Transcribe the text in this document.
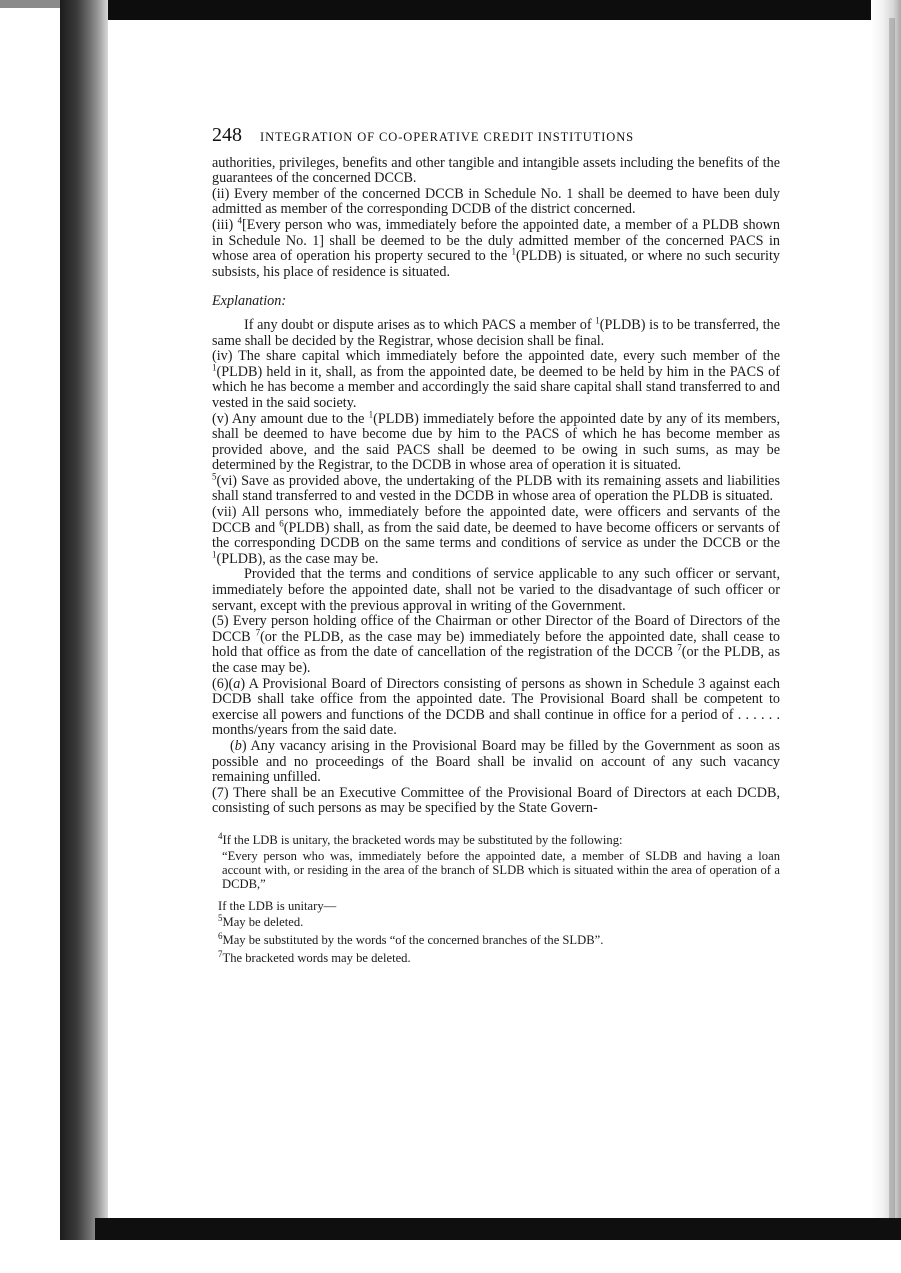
248	INTEGRATION OF CO-OPERATIVE CREDIT INSTITUTIONS

authorities, privileges, benefits and other tangible and intangible assets including the benefits of the guarantees of the concerned DCCB.

(ii) Every member of the concerned DCCB in Schedule No. 1 shall be deemed to have been duly admitted as member of the corresponding DCDB of the district concerned.

(iii) $^4$[Every person who was, immediately before the appointed date, a member of a PLDB shown in Schedule No. 1] shall be deemed to be the duly admitted member of the concerned PACS in whose area of operation his property secured to the $^1$(PLDB) is situated, or where no such security subsists, his place of residence is situated.

Explanation:

If any doubt or dispute arises as to which PACS a member of $^1$(PLDB) is to be transferred, the same shall be decided by the Registrar, whose decision shall be final.

(iv) The share capital which immediately before the appointed date, every such member of the $^1$(PLDB) held in it, shall, as from the appointed date, be deemed to be held by him in the PACS of which he has become a member and accordingly the said share capital shall stand transferred to and vested in the said society.

(v) Any amount due to the $^1$(PLDB) immediately before the appointed date by any of its members, shall be deemed to have become due by him to the PACS of which he has become member as provided above, and the said PACS shall be deemed to be owing in such sums, as may be determined by the Registrar, to the DCDB in whose area of operation it is situated.

$^5$(vi) Save as provided above, the undertaking of the PLDB with its remaining assets and liabilities shall stand transferred to and vested in the DCDB in whose area of operation the PLDB is situated.

(vii) All persons who, immediately before the appointed date, were officers and servants of the DCCB and $^6$(PLDB) shall, as from the said date, be deemed to have become officers or servants of the corresponding DCDB on the same terms and conditions of service as under the DCCB or the $^1$(PLDB), as the case may be.

Provided that the terms and conditions of service applicable to any such officer or servant, immediately before the appointed date, shall not be varied to the disadvantage of such officer or servant, except with the previous approval in writing of the Government.

(5) Every person holding office of the Chairman or other Director of the Board of Directors of the DCCB $^7$(or the PLDB, as the case may be) immediately before the appointed date, shall cease to hold that office as from the date of cancellation of the registration of the DCCB $^7$(or the PLDB, as the case may be).

(6)(a) A Provisional Board of Directors consisting of persons as shown in Schedule 3 against each DCDB shall take office from the appointed date. The Provisional Board shall be competent to exercise all powers and functions of the DCDB and shall continue in office for a period of . . . . . . months/years from the said date.

(b) Any vacancy arising in the Provisional Board may be filled by the Government as soon as possible and no proceedings of the Board shall be invalid on account of any such vacancy remaining unfilled.

(7) There shall be an Executive Committee of the Provisional Board of Directors at each DCDB, consisting of such persons as may be specified by the State Govern-

$^4$If the LDB is unitary, the bracketed words may be substituted by the following:

“Every person who was, immediately before the appointed date, a member of SLDB and having a loan account with, or residing in the area of the branch of SLDB which is situated within the area of operation of a DCDB,”

If the LDB is unitary—

$^5$May be deleted.

$^6$May be substituted by the words “of the concerned branches of the SLDB”.

$^7$The bracketed words may be deleted.
